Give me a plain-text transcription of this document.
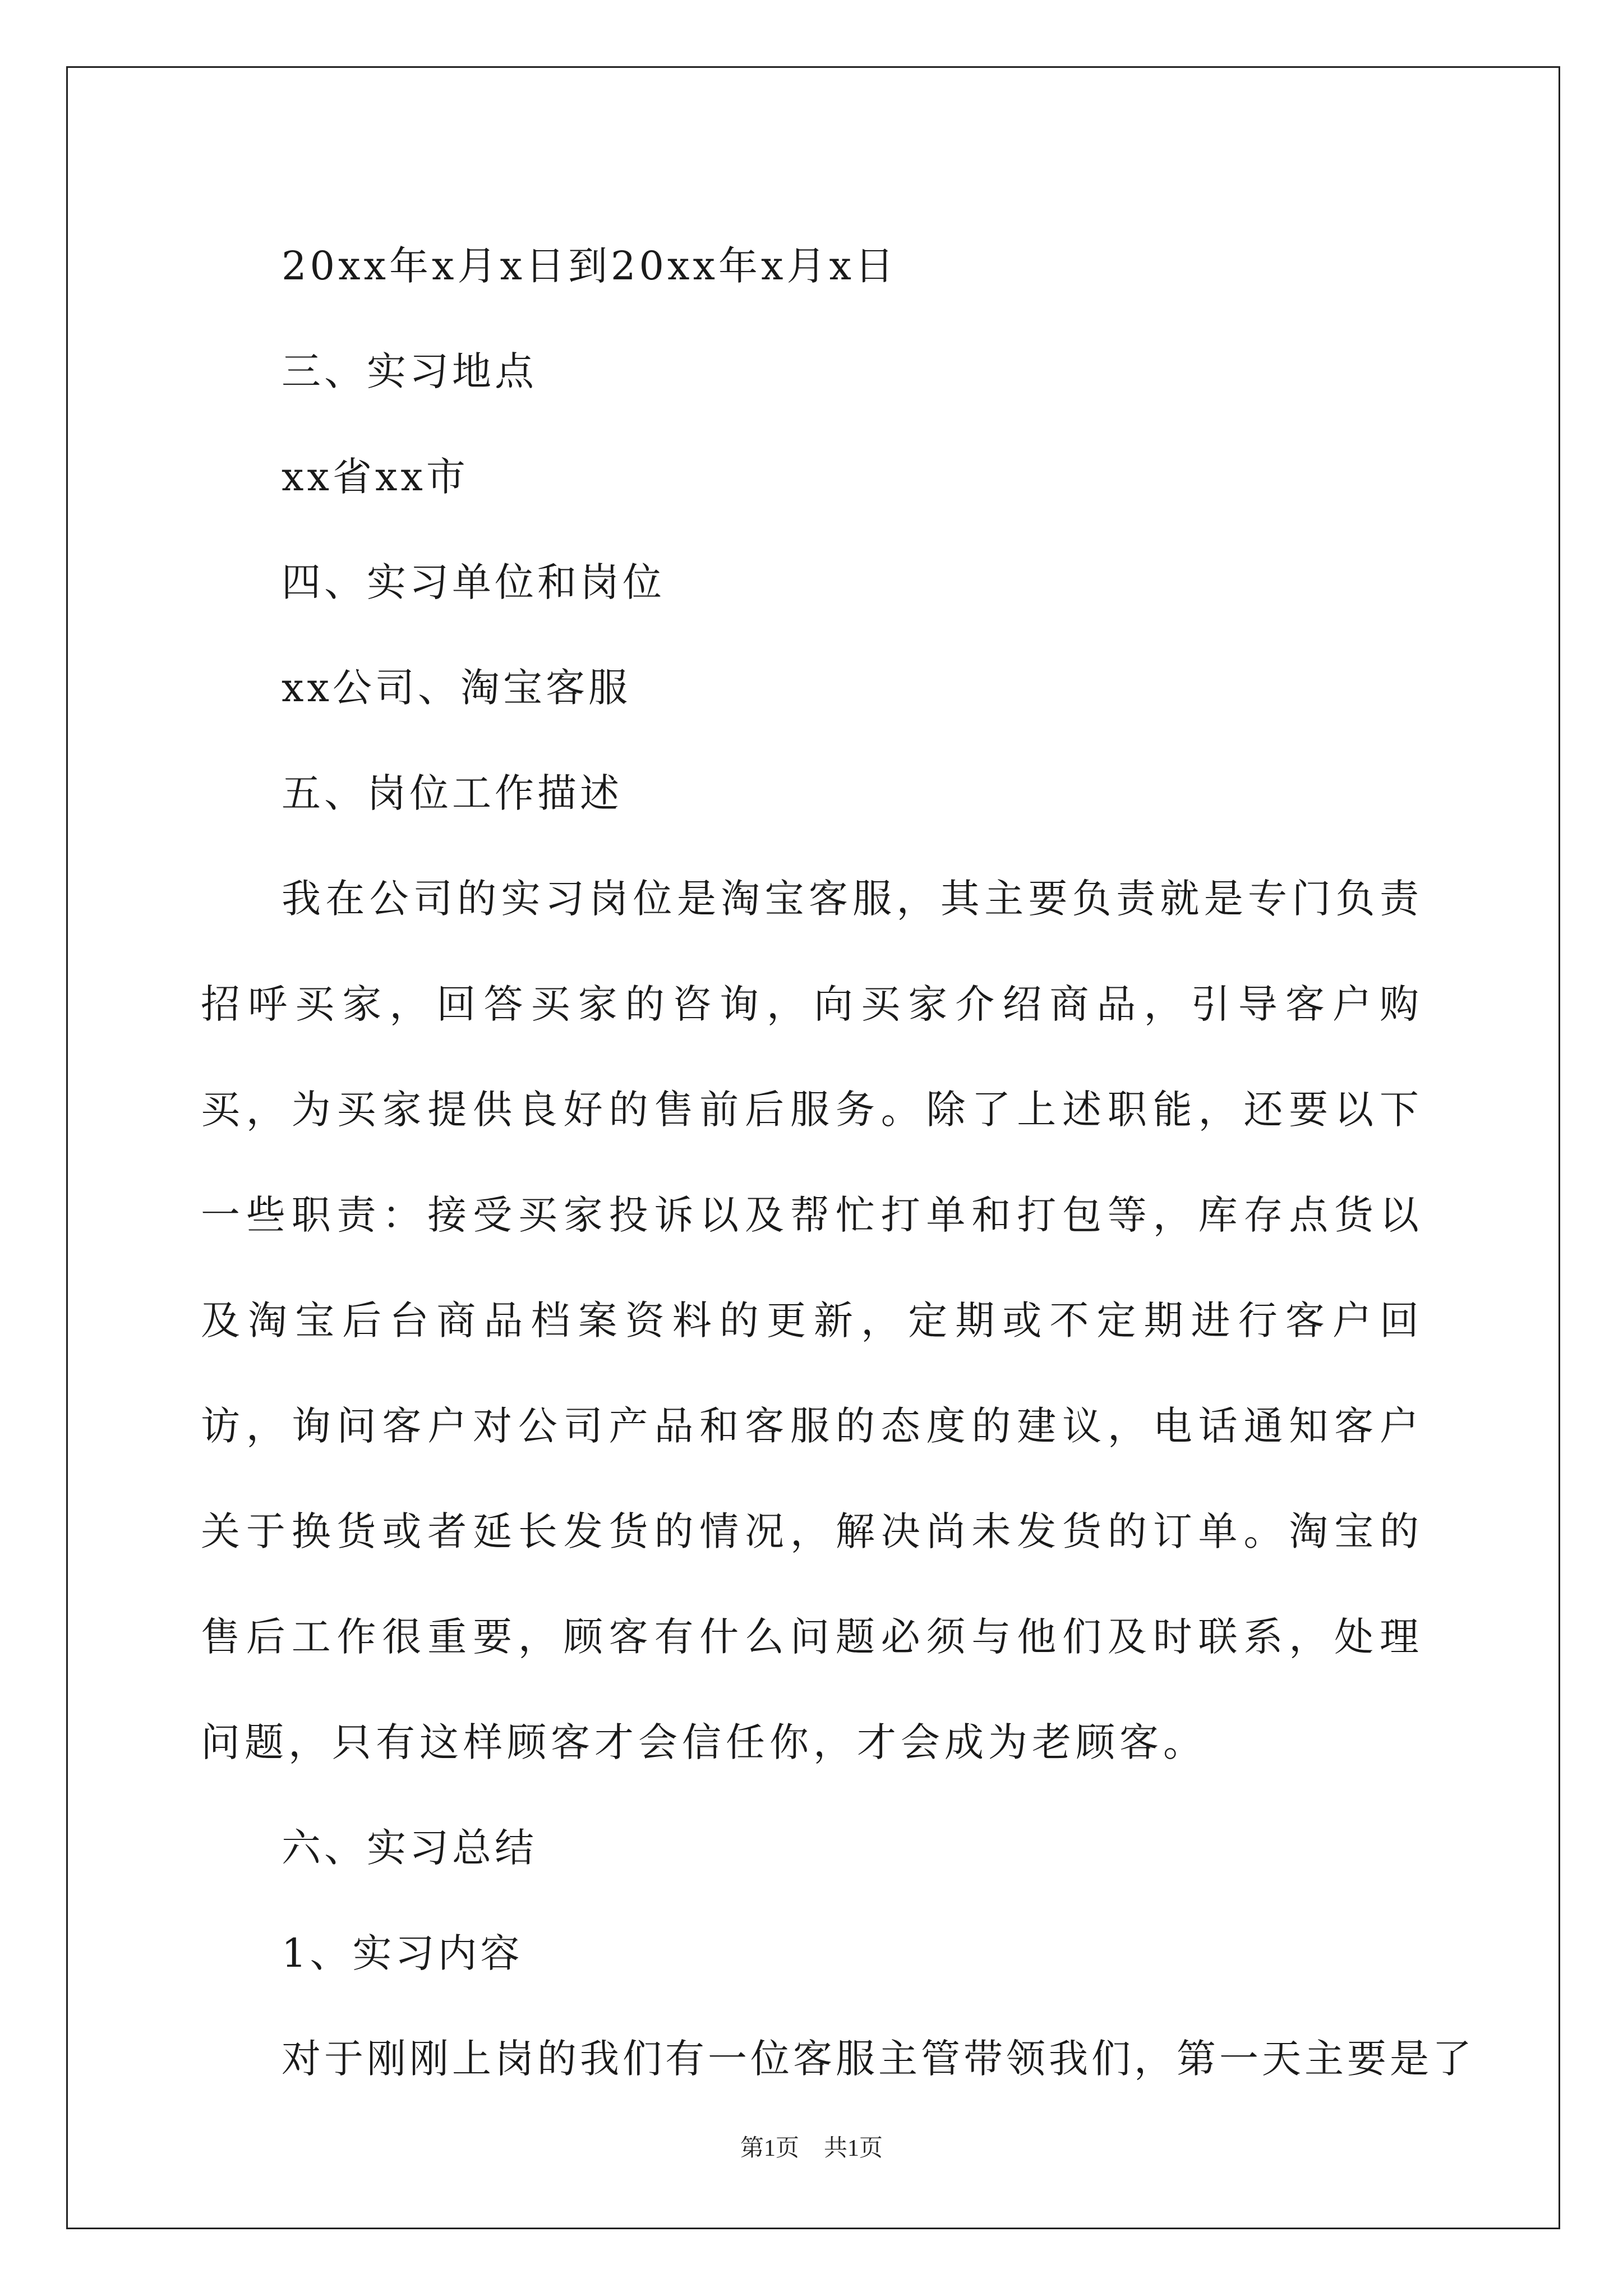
20xx年x月x日到20xx年x月x日
三、实习地点
xx省xx市
四、实习单位和岗位
xx公司、淘宝客服
五、岗位工作描述

我在公司的实习岗位是淘宝客服，其主要负责就是专门负责招呼买家，回答买家的咨询，向买家介绍商品，引导客户购买，为买家提供良好的售前后服务。除了上述职能，还要以下一些职责：接受买家投诉以及帮忙打单和打包等，库存点货以及淘宝后台商品档案资料的更新，定期或不定期进行客户回访，询问客户对公司产品和客服的态度的建议，电话通知客户关于换货或者延长发货的情况，解决尚未发货的订单。淘宝的售后工作很重要，顾客有什么问题必须与他们及时联系，处理问题，只有这样顾客才会信任你，才会成为老顾客。

六、实习总结
1、实习内容
对于刚刚上岗的我们有一位客服主管带领我们，第一天主要是了
第1页 共1页
